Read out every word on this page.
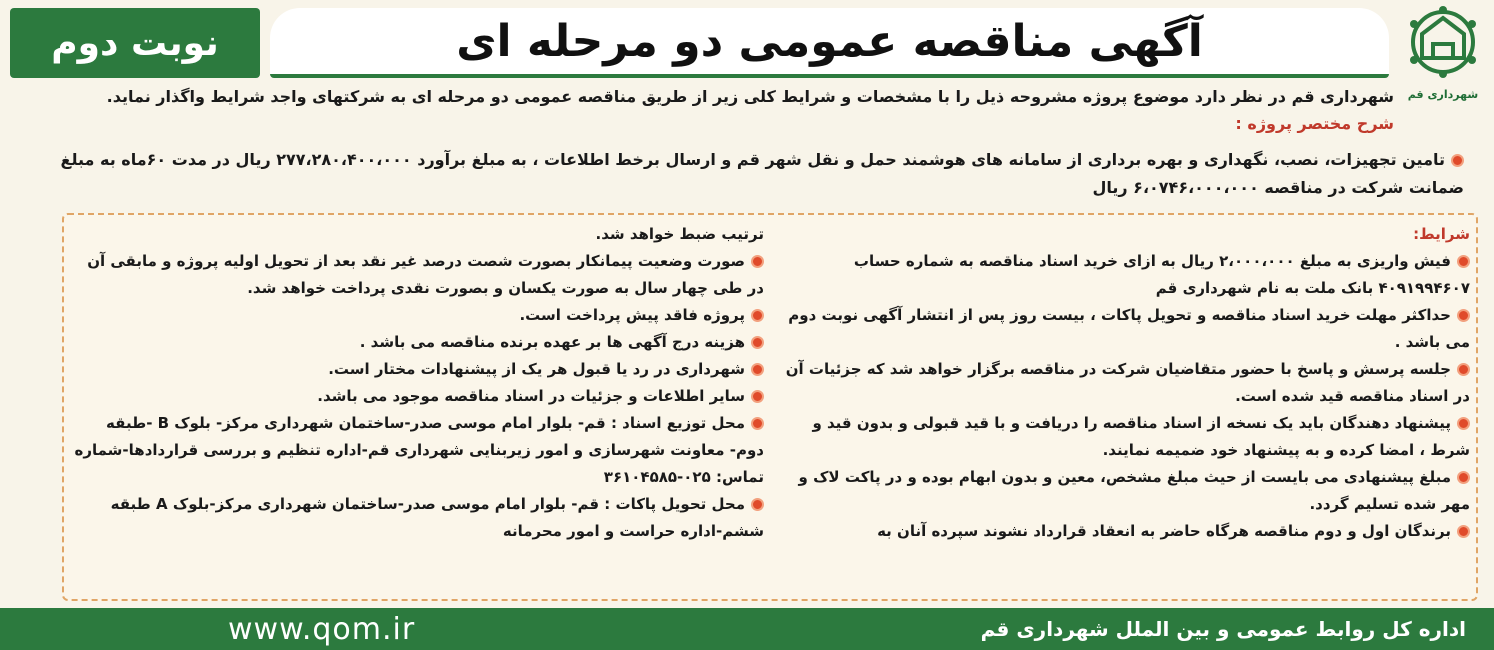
شهرداری قم
آگهی مناقصه عمومی دو مرحله ای
نوبت دوم
شهرداری قم در نظر دارد موضوع پروژه مشروحه ذیل را با مشخصات و شرایط کلی زیر از طریق مناقصه عمومی دو مرحله ای به شرکتهای واجد شرایط واگذار نماید.
شرح مختصر پروژه :
تامین تجهیزات، نصب، نگهداری و بهره برداری از سامانه های هوشمند حمل و نقل شهر قم و ارسال برخط اطلاعات ، به مبلغ برآورد ۲۷۷،۲۸۰،۴۰۰،۰۰۰ ریال در مدت ۶۰ماه به مبلغ ضمانت شرکت در مناقصه ۶،۰۷۴۶،۰۰۰،۰۰۰ ریال
شرایط:

فیش واریزی به مبلغ ۲،۰۰۰،۰۰۰ ریال به ازای خرید اسناد مناقصه به شماره حساب ۴۰۹۱۹۹۴۶۰۷ بانک ملت به نام شهرداری قم

حداکثر مهلت خرید اسناد مناقصه و تحویل پاکات ، بیست روز پس از انتشار آگهی نوبت دوم می باشد .

جلسه پرسش و پاسخ با حضور متقاضیان شرکت در مناقصه برگزار خواهد شد که جزئیات آن در اسناد مناقصه قید شده است.

پیشنهاد دهندگان باید یک نسخه از اسناد مناقصه را دریافت و با قید قبولی و بدون قید و شرط ، امضا کرده و به پیشنهاد خود ضمیمه نمایند.

مبلغ پیشنهادی می بایست از حیث مبلغ مشخص، معین و بدون ابهام بوده و در پاکت لاک و مهر شده تسلیم گردد.

برندگان اول و دوم مناقصه هرگاه حاضر به انعقاد قرارداد نشوند سپرده آنان به

ترتیب ضبط خواهد شد.

صورت وضعیت پیمانکار بصورت شصت درصد غیر نقد بعد از تحویل اولیه پروژه و مابقی آن در طی چهار سال به صورت یکسان و بصورت نقدی پرداخت خواهد شد.

پروژه فاقد پیش پرداخت است.

هزینه درج آگهی ها بر عهده برنده مناقصه می باشد .

شهرداری در رد یا قبول هر یک از پیشنهادات مختار است.

سایر اطلاعات و جزئیات در اسناد مناقصه موجود می باشد.

محل توزیع اسناد : قم- بلوار امام موسی صدر-ساختمان شهرداری مرکز- بلوک B -طبقه دوم- معاونت شهرسازی و امور زیربنایی شهرداری قم-اداره تنظیم و بررسی قراردادها-شماره تماس: ۰۲۵-۳۶۱۰۴۵۸۵

محل تحویل پاکات : قم- بلوار امام موسی صدر-ساختمان شهرداری مرکز-بلوک A طبقه ششم-اداره حراست و امور محرمانه

اداره کل روابط عمومی و بین الملل شهرداری قم
www.qom.ir
